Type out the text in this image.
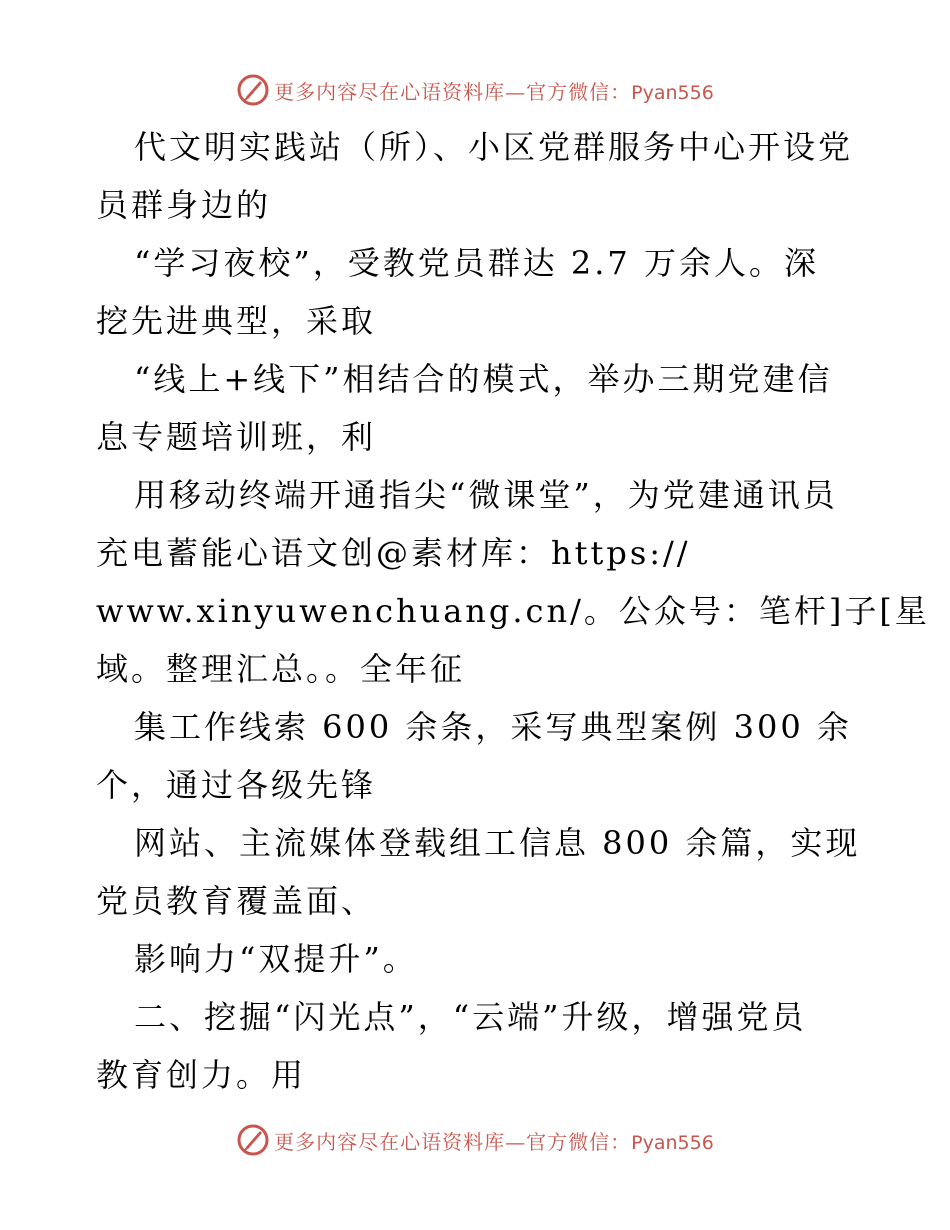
更多内容尽在心语资料库—官方微信：Pyan556
代文明实践站（所）、小区党群服务中心开设党
员群身边的
“学习夜校”，受教党员群达 2.7 万余人。深
挖先进典型，采取
“线上+线下”相结合的模式，举办三期党建信
息专题培训班，利
用移动终端开通指尖“微课堂”，为党建通讯员
充电蓄能心语文创@素材库：https://
www.xinyuwenchuang.cn/。公众号：笔杆]子[星
域。整理汇总。。全年征
集工作线索 600 余条，采写典型案例 300 余
个，通过各级先锋
网站、主流媒体登载组工信息 800 余篇，实现
党员教育覆盖面、
影响力“双提升”。
二、挖掘“闪光点”，“云端”升级，增强党员
教育创力。用
更多内容尽在心语资料库—官方微信：Pyan556
